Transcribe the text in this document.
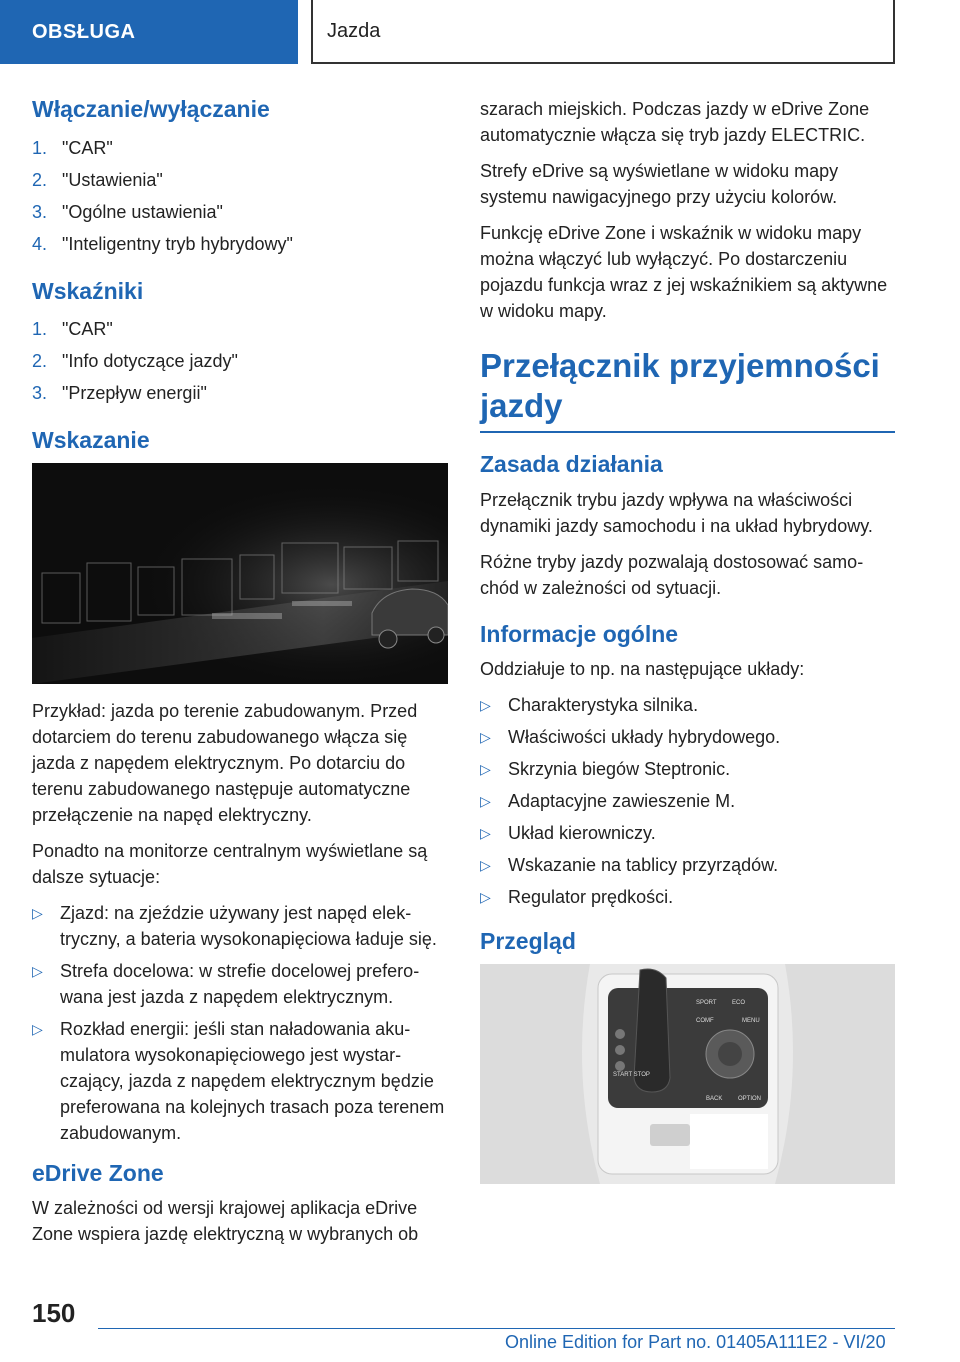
OBSŁUGA	Jazda
Włączanie/wyłączanie
1. "CAR"
2. "Ustawienia"
3. "Ogólne ustawienia"
4. "Inteligentny tryb hybrydowy"
Wskaźniki
1. "CAR"
2. "Info dotyczące jazdy"
3. "Przepływ energii"
Wskazanie

Przykład: jazda po terenie zabudowanym. Przed dotarciem do terenu zabudowanego włącza się jazda z napędem elektrycznym. Po dotarciu do terenu zabudowanego następuje automatyczne przełączenie na napęd elektryczny.

Ponadto na monitorze centralnym wyświetlane są dalsze sytuacje:

▷ Zjazd: na zjeździe używany jest napęd elektryczny, a bateria wysokonapięciowa ładuje się.
▷ Strefa docelowa: w strefie docelowej preferowana jest jazda z napędem elektrycznym.
▷ Rozkład energii: jeśli stan naładowania akumulatora wysokonapięciowego jest wystarczający, jazda z napędem elektrycznym będzie preferowana na kolejnych trasach poza terenem zabudowanym.
eDrive Zone

W zależności od wersji krajowej aplikacja eDrive Zone wspiera jazdę elektryczną w wybranych ob

szarach miejskich. Podczas jazdy w eDrive Zone automatycznie włącza się tryb jazdy ELECTRIC.

Strefy eDrive są wyświetlane w widoku mapy systemu nawigacyjnego przy użyciu kolorów.

Funkcję eDrive Zone i wskaźnik w widoku mapy można włączyć lub wyłączyć. Po dostarczeniu pojazdu funkcja wraz z jej wskaźnikiem są aktywne w widoku mapy.

Przełącznik przyjemności jazdy
Zasada działania

Przełącznik trybu jazdy wpływa na właściwości dynamiki jazdy samochodu i na układ hybrydowy.

Różne tryby jazdy pozwalają dostosować samochód w zależności od sytuacji.

Informacje ogólne

Oddziałuje to np. na następujące układy:

▷ Charakterystyka silnika.
▷ Właściwości układy hybrydowego.
▷ Skrzynia biegów Steptronic.
▷ Adaptacyjne zawieszenie M.
▷ Układ kierowniczy.
▷ Wskazanie na tablicy przyrządów.
▷ Regulator prędkości.
Przegląd
SPORT
COMF
ECO
MENU
BACK	OPTION
START STOP
150
Online Edition for Part no. 01405A111E2 - VI/20
